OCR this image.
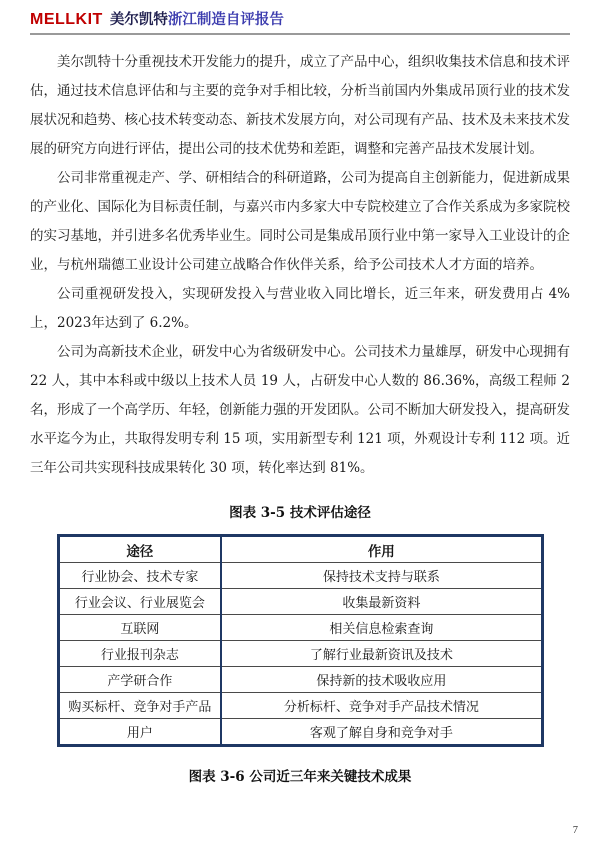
MELLKIT 美尔凯特浙江制造自评报告

美尔凯特十分重视技术开发能力的提升，成立了产品中心，组织收集技术信息和技术评估，通过技术信息评估和与主要的竞争对手相比较，分析当前国内外集成吊顶行业的技术发展状况和趋势、核心技术转变动态、新技术发展方向，对公司现有产品、技术及未来技术发展的研究方向进行评估，提出公司的技术优势和差距，调整和完善产品技术发展计划。

公司非常重视走产、学、研相结合的科研道路，公司为提高自主创新能力，促进新成果的产业化、国际化为目标责任制，与嘉兴市内多家大中专院校建立了合作关系成为多家院校的实习基地，并引进多名优秀毕业生。同时公司是集成吊顶行业中第一家导入工业设计的企业，与杭州瑞德工业设计公司建立战略合作伙伴关系，给予公司技术人才方面的培养。

公司重视研发投入，实现研发投入与营业收入同比增长，近三年来，研发费用占 4%上，2023年达到了 6.2%。

公司为高新技术企业，研发中心为省级研发中心。公司技术力量雄厚，研发中心现拥有 22 人，其中本科或中级以上技术人员 19 人，占研发中心人数的 86.36%，高级工程师 2 名，形成了一个高学历、年轻，创新能力强的开发团队。公司不断加大研发投入，提高研发水平迄今为止，共取得发明专利 15 项，实用新型专利 121 项，外观设计专利 112 项。近三年公司共实现科技成果转化 30 项，转化率达到 81%。

图表 3-5 技术评估途径
途径	作用
行业协会、技术专家	保持技术支持与联系
行业会议、行业展览会	收集最新资料
互联网	相关信息检索查询
行业报刊杂志	了解行业最新资讯及技术
产学研合作	保持新的技术吸收应用
购买标杆、竞争对手产品	分析标杆、竞争对手产品技术情况
用户	客观了解自身和竞争对手
图表 3-6 公司近三年来关键技术成果
7
